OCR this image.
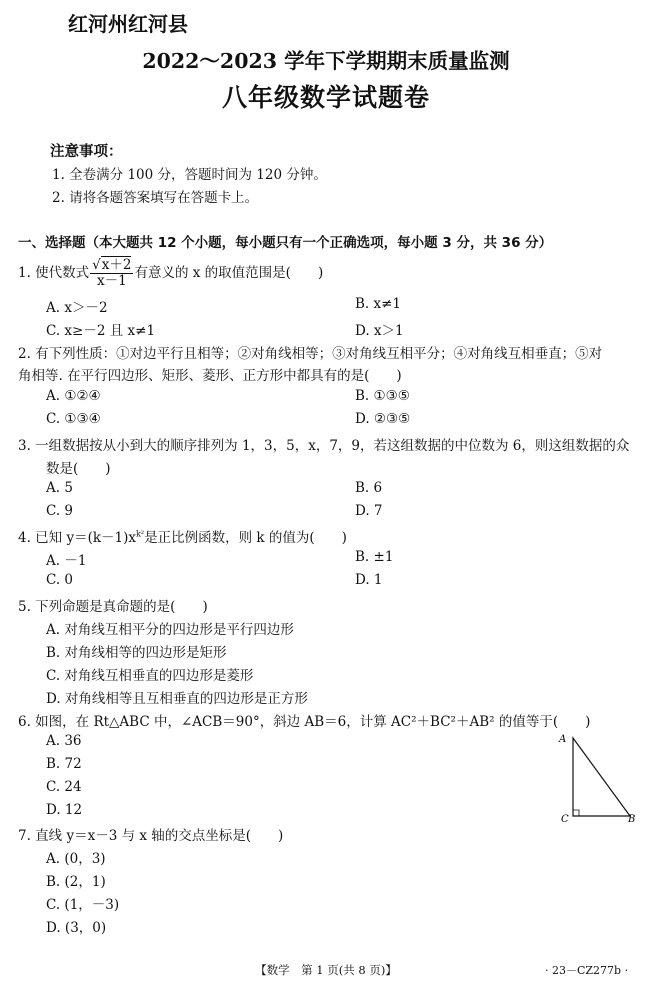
红河州红河县
2022～2023 学年下学期期末质量监测
八年级数学试题卷
注意事项：
1. 全卷满分 100 分，答题时间为 120 分钟。
2. 请将各题答案填写在答题卡上。
一、选择题（本大题共 12 个小题，每小题只有一个正确选项，每小题 3 分，共 36 分）
1. 使代数式 $\frac{√x+2}{x-1}$ 有意义的 x 的取值范围是(　　)
A. x＞－2	B. x≠1
C. x≥－2 且 x≠1	D. x＞1
2. 有下列性质：①对边平行且相等；②对角线相等；③对角线互相平分；④对角线互相垂直；⑤对
角相等. 在平行四边形、矩形、菱形、正方形中都具有的是(　　)
A. ①②④	B. ①③⑤
C. ①③④	D. ②③⑤
3. 一组数据按从小到大的顺序排列为 1，3，5，x，7，9，若这组数据的中位数为 6，则这组数据的众
数是(　　)
A. 5	B. 6
C. 9	D. 7
4. 已知 $y=(k-1)x^{k^2}$是正比例函数，则 k 的值为(　　)
A. －1	B. ±1
C. 0	D. 1
5. 下列命题是真命题的是(　　)
A. 对角线互相平分的四边形是平行四边形
B. 对角线相等的四边形是矩形
C. 对角线互相垂直的四边形是菱形
D. 对角线相等且互相垂直的四边形是正方形
6. 如图，在 Rt△ABC 中，∠ACB＝90°，斜边 AB＝6，计算 AC²＋BC²＋AB² 的值等于(　　)
A. 36
B. 72
C. 24
D. 12
A
C	B
7. 直线 y＝x－3 与 x 轴的交点坐标是(　　)
A. (0，3)
B. (2，1)
C. (1，－3)
D. (3，0)
【数学　第 1 页(共 8 页)】	· 23－CZ277b ·
